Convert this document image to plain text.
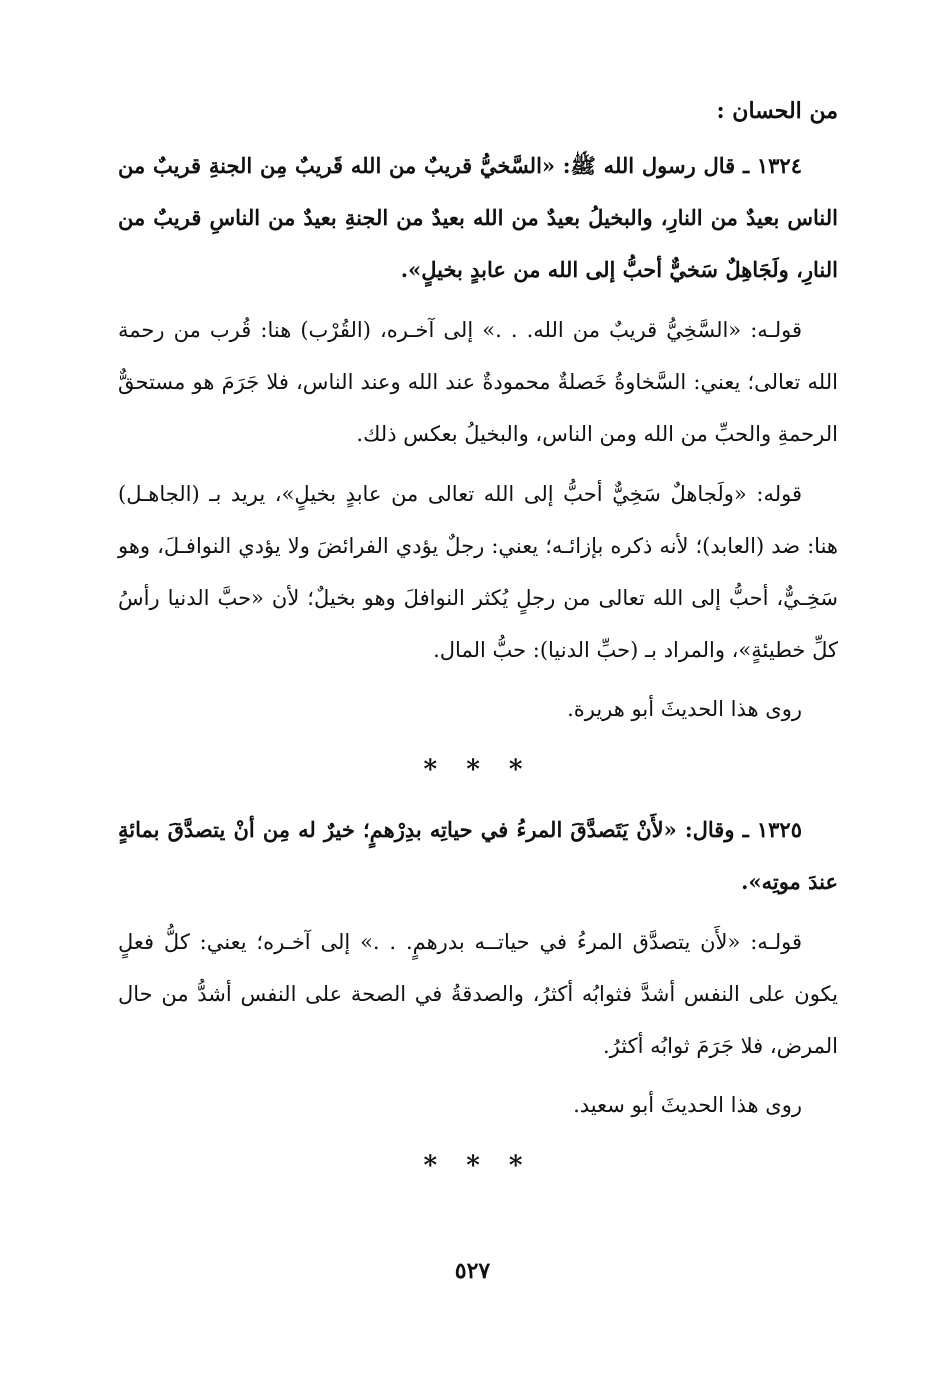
من الحسان :

١٣٢٤ ـ قال رسول الله ﷺ: «السَّخيُّ قريبٌ من الله قَريبٌ مِن الجنةِ قريبٌ من الناس بعيدٌ من النارِ، والبخيلُ بعيدٌ من الله بعيدٌ من الجنةِ بعيدٌ من الناسِ قريبٌ من النارِ، ولَجَاهِلٌ سَخيٌّ أحبُّ إلى الله من عابدٍ بخيلٍ».

قولـه: «السَّخِيُّ قريبٌ من الله. . .» إلى آخـره، (القُرْب) هنا: قُرب من رحمة الله تعالى؛ يعني: السَّخاوةُ خَصلةٌ محمودةٌ عند الله وعند الناس، فلا جَرَمَ هو مستحقٌّ الرحمةِ والحبِّ من الله ومن الناس، والبخيلُ بعكس ذلك.

قوله: «ولَجاهلٌ سَخِيٌّ أحبُّ إلى الله تعالى من عابدٍ بخيلٍ»، يريد بـ (الجاهـل) هنا: ضد (العابد)؛ لأنه ذكره بإزائـه؛ يعني: رجلٌ يؤدي الفرائضَ ولا يؤدي النوافـلَ، وهو سَخِـيٌّ، أحبُّ إلى الله تعالى من رجلٍ يُكثر النوافلَ وهو بخيلٌ؛ لأن «حبَّ الدنيا رأسُ كلِّ خطيئةٍ»، والمراد بـ (حبِّ الدنيا): حبُّ المال.

روى هذا الحديثَ أبو هريرة.
* * *

١٣٢٥ ـ وقال: «لأَنْ يَتَصدَّقَ المرءُ في حياتِه بدِرْهمٍ؛ خيرٌ له مِن أنْ يتصدَّقَ بمائةٍ عندَ موتِه».

قولـه: «لأَن يتصدَّق المرءُ في حياتــه بدرهمٍ. . .» إلى آخـره؛ يعني: كلُّ فعلٍ يكون على النفس أشدَّ فثوابُه أكثرُ، والصدقةُ في الصحة على النفس أشدُّ من حال المرض، فلا جَرَمَ ثوابُه أكثرُ.

روى هذا الحديثَ أبو سعيد.
* * *
٥٢٧
